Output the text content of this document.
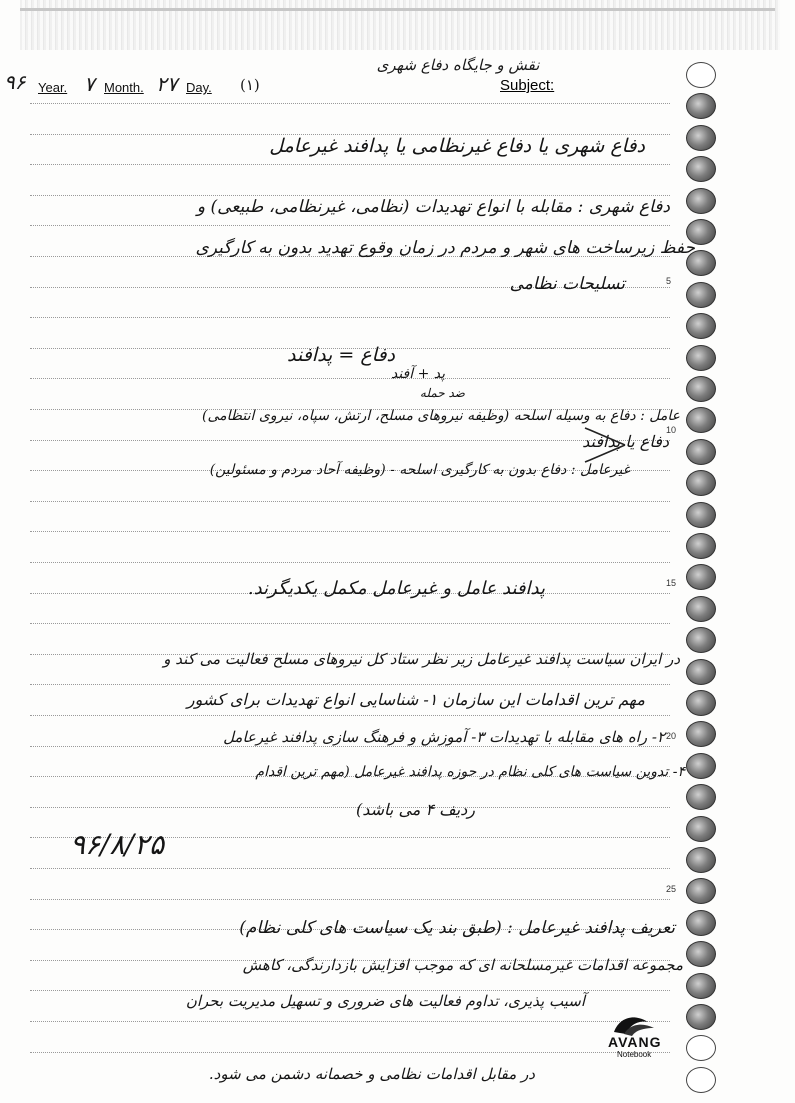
۹۶ Year. ۷ Month. ۲۷ Day. (۱)	Subject:
نقش و جایگاه دفاع شهری
5
10
15
20
25
دفاع شهری یا دفاع غیرنظامی یا پدافند غیرعامل
دفاع شهری : مقابله با انواع تهدیدات (نظامی، غیرنظامی، طبیعی) و
حفظ زیرساخت های شهر و مردم در زمان وقوع تهدید بدون به کارگیری
تسلیحات نظامی
دفاع = پدافند
پد + آفند
ضد حمله
عامل : دفاع به وسیله اسلحه (وظیفه نیروهای مسلح، ارتش، سپاه، نیروی انتظامی)
غیرعامل : دفاع بدون به کارگیری اسلحه - (وظیفه آحاد مردم و مسئولین)
دفاع یا پدافند
پدافند عامل و غیرعامل مکمل یکدیگرند.
در ایران سیاست پدافند غیرعامل زیر نظر ستاد کل نیروهای مسلح فعالیت می کند و
مهم ترین اقدامات این سازمان ۱- شناسایی انواع تهدیدات برای کشور
۲- راه های مقابله با تهدیدات ۳- آموزش و فرهنگ سازی پدافند غیرعامل
۴- تدوین سیاست های کلی نظام در حوزه پدافند غیرعامل (مهم ترین اقدام
ردیف ۴ می باشد)
۹۶/۸/۲۵
تعریف پدافند غیرعامل : (طبق بند یک سیاست های کلی نظام)
مجموعه اقدامات غیرمسلحانه ای که موجب افزایش بازدارندگی، کاهش
آسیب پذیری، تداوم فعالیت های ضروری و تسهیل مدیریت بحران
در مقابل اقدامات نظامی و خصمانه دشمن می شود.
AVANG
Notebook
